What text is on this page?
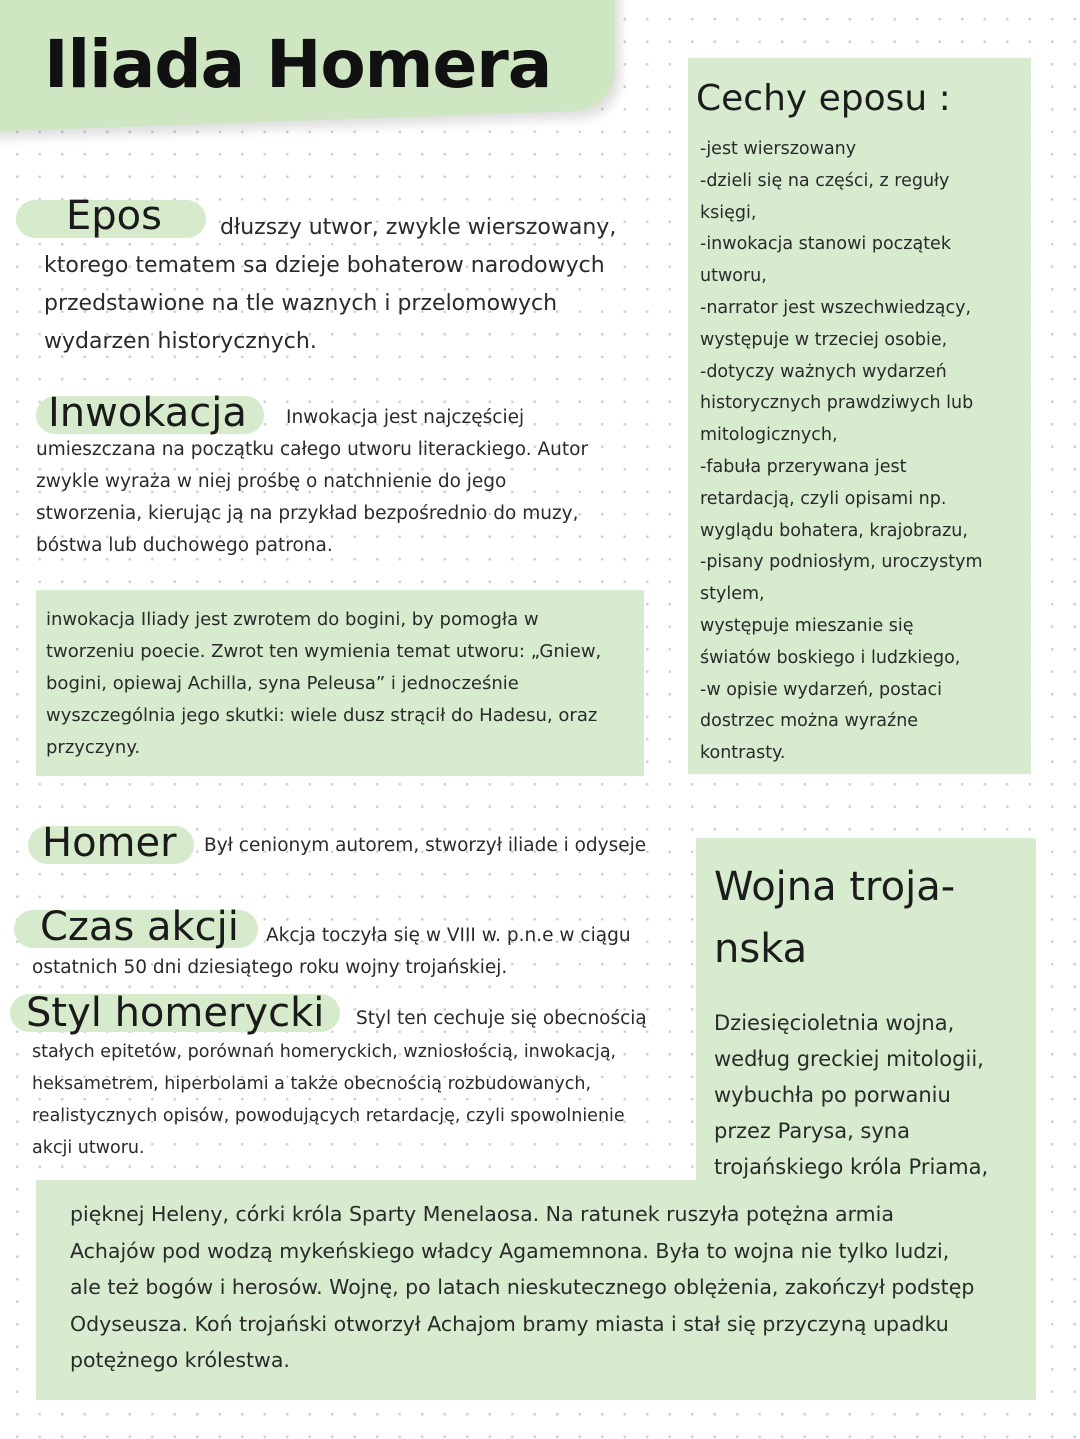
Iliada Homera	Cechy eposu :
-jest wierszowany
-dzieli się na części, z reguły
księgi,
-inwokacja stanowi początek
utworu,
-narrator jest wszechwiedzący,
występuje w trzeciej osobie,
-dotyczy ważnych wydarzeń
historycznych prawdziwych lub
mitologicznych,
-fabuła przerywana jest
retardacją, czyli opisami np.
wyglądu bohatera, krajobrazu,
-pisany podniosłym, uroczystym
stylem,
występuje mieszanie się
światów boskiego i ludzkiego,
-w opisie wydarzeń, postaci
dostrzec można wyraźne
kontrasty.
Epos	dłuzszy utwor, zwykle wierszowany,
ktorego tematem sa dzieje bohaterow narodowych
przedstawione na tle waznych i przelomowych
wydarzen historycznych.
Inwokacja Inwokacja jest najczęściej
umieszczana na początku całego utworu literackiego. Autor
zwykle wyraża w niej prośbę o natchnienie do jego
stworzenia, kierując ją na przykład bezpośrednio do muzy,
bóstwa lub duchowego patrona.
inwokacja Iliady jest zwrotem do bogini, by pomogła w
tworzeniu poecie. Zwrot ten wymienia temat utworu: „Gniew,
bogini, opiewaj Achilla, syna Peleusa” i jednocześnie
wyszczególnia jego skutki: wiele dusz strącił do Hadesu, oraz
przyczyny.
Homer Był cenionym autorem, stworzył iliade i odyseje
Czas akcji Akcja toczyła się w VIII w. p.n.e w ciągu
ostatnich 50 dni dziesiątego roku wojny trojańskiej.
Styl homerycki Styl ten cechuje się obecnością
stałych epitetów, porównań homeryckich, wzniosłością, inwokacją,
heksametrem, hiperbolami a także obecnością rozbudowanych,
realistycznych opisów, powodujących retardację, czyli spowolnienie
akcji utworu.
Wojna troja-
nska
Dziesięcioletnia wojna,
według greckiej mitologii,
wybuchła po porwaniu
przez Parysa, syna
trojańskiego króla Priama,
pięknej Heleny, córki króla Sparty Menelaosa. Na ratunek ruszyła potężna armia
Achajów pod wodzą mykeńskiego władcy Agamemnona. Była to wojna nie tylko ludzi,
ale też bogów i herosów. Wojnę, po latach nieskutecznego oblężenia, zakończył podstęp
Odyseusza. Koń trojański otworzył Achajom bramy miasta i stał się przyczyną upadku
potężnego królestwa.
